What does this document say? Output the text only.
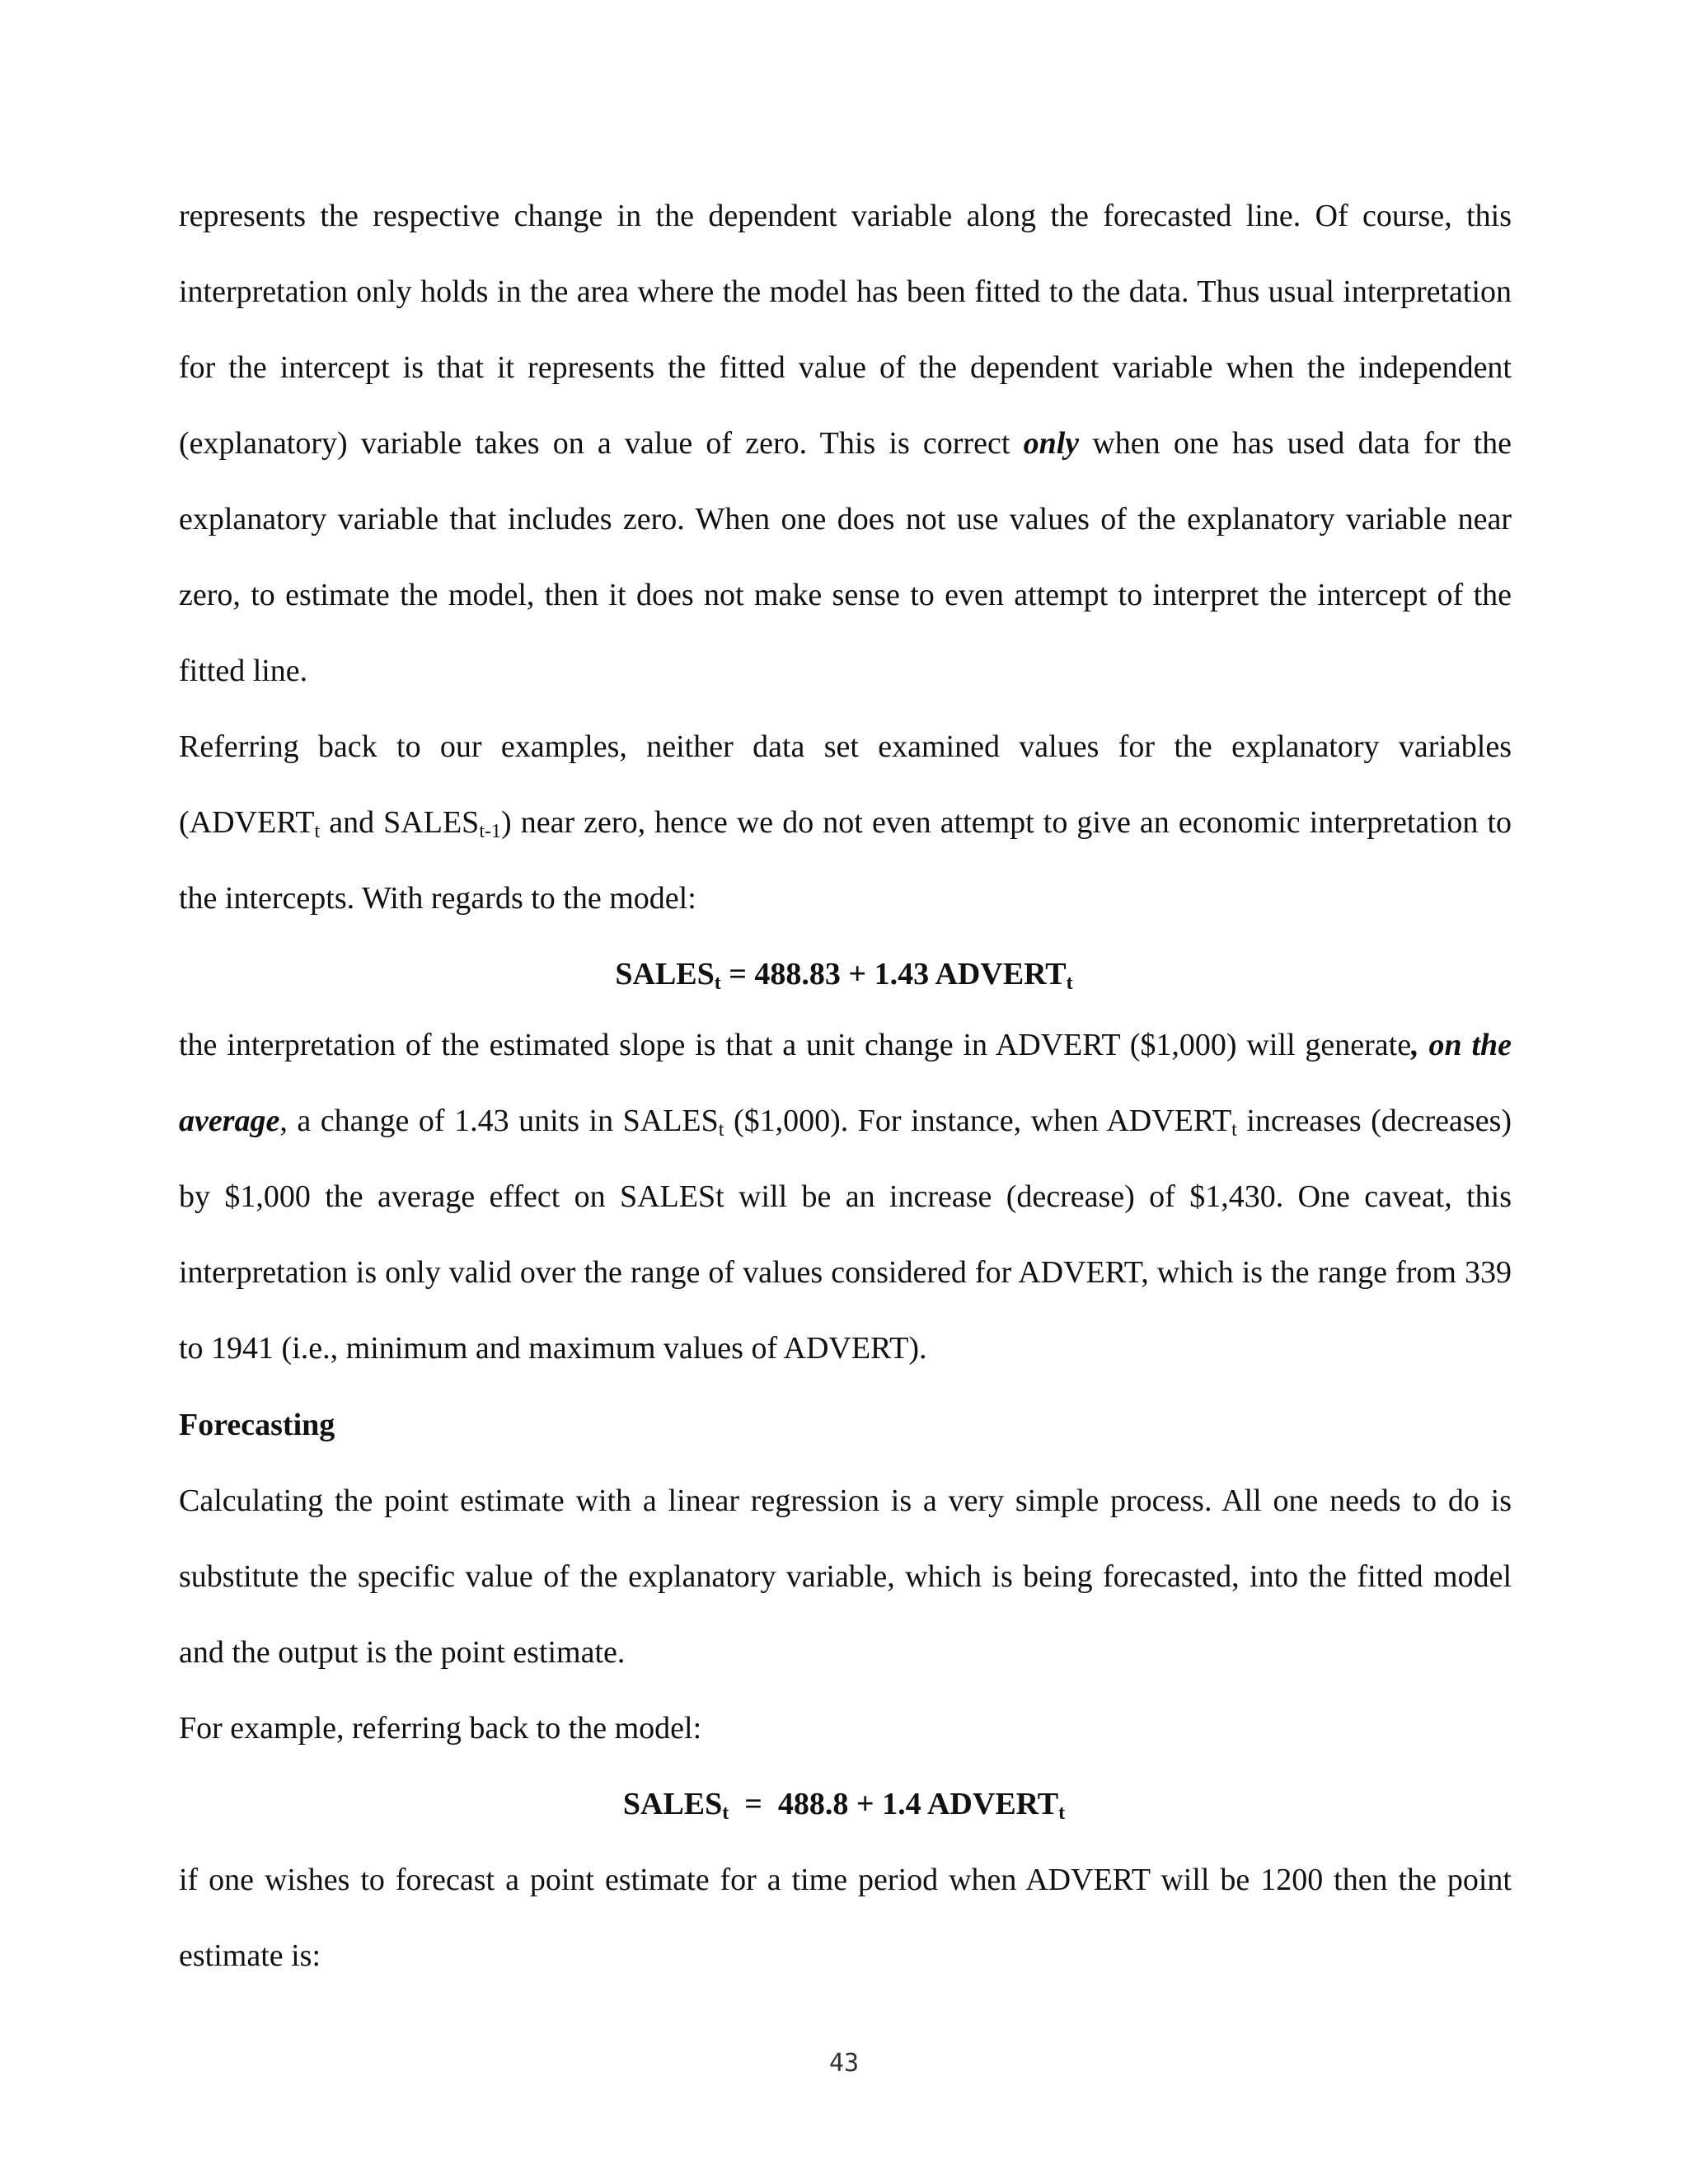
represents the respective change in the dependent variable along the forecasted line. Of course, this interpretation only holds in the area where the model has been fitted to the data. Thus usual interpretation for the intercept is that it represents the fitted value of the dependent variable when the independent (explanatory) variable takes on a value of zero. This is correct only when one has used data for the explanatory variable that includes zero. When one does not use values of the explanatory variable near zero, to estimate the model, then it does not make sense to even attempt to interpret the intercept of the fitted line.

Referring back to our examples, neither data set examined values for the explanatory variables ($ADVERT_t$ and $SALES_{t-1}$) near zero, hence we do not even attempt to give an economic interpretation to the intercepts. With regards to the model:

$SALES_t = 488.83 + 1.43$ $ADVERT_t$

the interpretation of the estimated slope is that a unit change in ADVERT ($1,000) will generate, on the average, a change of 1.43 units in $SALES_t$ ($1,000). For instance, when $ADVERT_t$ increases (decreases) by $1,000 the average effect on SALESt will be an increase (decrease) of $1,430. One caveat, this interpretation is only valid over the range of values considered for ADVERT, which is the range from 339 to 1941 (i.e., minimum and maximum values of ADVERT).

Forecasting

Calculating the point estimate with a linear regression is a very simple process. All one needs to do is substitute the specific value of the explanatory variable, which is being forecasted, into the fitted model and the output is the point estimate.

For example, referring back to the model:

$SALES_t = 488.8 + 1.4$ $ADVERT_t$

if one wishes to forecast a point estimate for a time period when ADVERT will be 1200 then the point estimate is:

43
